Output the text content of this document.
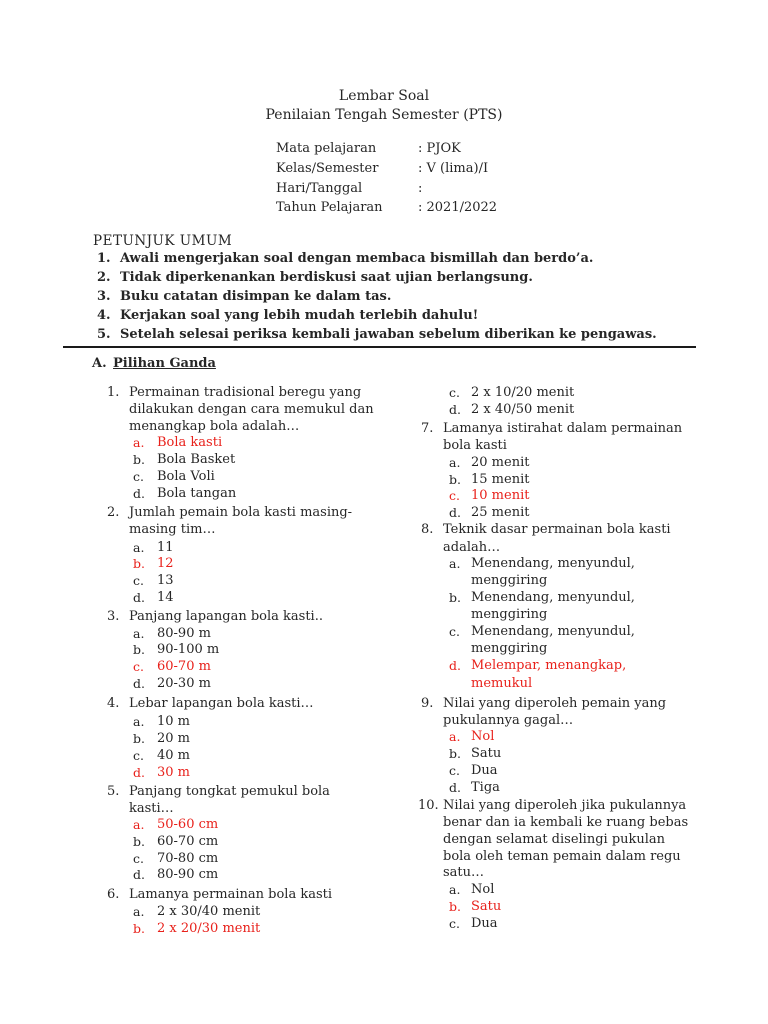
Lembar Soal
Penilaian Tengah Semester (PTS)
Mata pelajaran	: PJOK
Kelas/Semester	: V (lima)/I
Hari/Tanggal	:
Tahun Pelajaran	: 2021/2022
PETUNJUK UMUM
1. Awali mengerjakan soal dengan membaca bismillah dan berdo’a.
2. Tidak diperkenankan berdiskusi saat ujian berlangsung.
3. Buku catatan disimpan ke dalam tas.
4. Kerjakan soal yang lebih mudah terlebih dahulu!
5. Setelah selesai periksa kembali jawaban sebelum diberikan ke pengawas.
A. Pilihan Ganda
1. Permainan tradisional beregu yang
dilakukan dengan cara memukul dan
menangkap bola adalah…
a. Bola kasti
b. Bola Basket
c. Bola Voli
d. Bola tangan
2. Jumlah pemain bola kasti masing-
masing tim…
a. 11
b. 12
c. 13
d. 14
3. Panjang lapangan bola kasti..
a. 80-90 m
b. 90-100 m
c. 60-70 m
d. 20-30 m
4. Lebar lapangan bola kasti…
a. 10 m
b. 20 m
c. 40 m
d. 30 m
5. Panjang tongkat pemukul bola
kasti…
a. 50-60 cm
b. 60-70 cm
c. 70-80 cm
d. 80-90 cm
6. Lamanya permainan bola kasti
a. 2 x 30/40 menit
b. 2 x 20/30 menit
c. 2 x 10/20 menit
d. 2 x 40/50 menit
7. Lamanya istirahat dalam permainan
bola kasti
a. 20 menit
b. 15 menit
c. 10 menit
d. 25 menit
8. Teknik dasar permainan bola kasti
adalah…
a. Menendang, menyundul,
menggiring
b. Menendang, menyundul,
menggiring
c. Menendang, menyundul,
menggiring
d. Melempar, menangkap,
memukul
9. Nilai yang diperoleh pemain yang
pukulannya gagal…
a. Nol
b. Satu
c. Dua
d. Tiga
10. Nilai yang diperoleh jika pukulannya
benar dan ia kembali ke ruang bebas
dengan selamat diselingi pukulan
bola oleh teman pemain dalam regu
satu…
a. Nol
b. Satu
c. Dua
